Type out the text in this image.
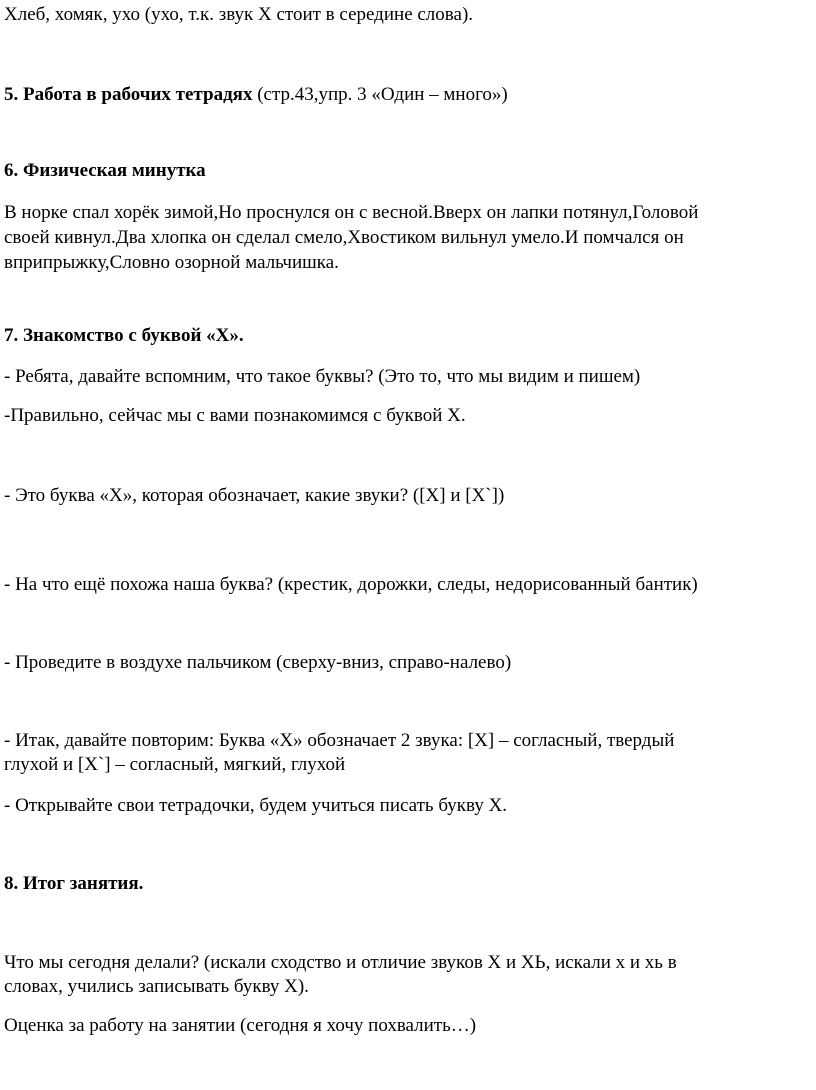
Хлеб, хомяк, ухо (ухо, т.к. звук Х стоит в середине слова).
5. Работа в рабочих тетрадях (стр.43,упр. 3 «Один – много»)
6. Физическая минутка
В норке спал хорёк зимой,Но проснулся он с весной.Вверх он лапки потянул,Головой
своей кивнул.Два хлопка он сделал смело,Хвостиком вильнул умело.И помчался он
вприпрыжку,Словно озорной мальчишка.
7. Знакомство с буквой «Х».
- Ребята, давайте вспомним, что такое буквы? (Это то, что мы видим и пишем)
-Правильно, сейчас мы с вами познакомимся с буквой Х.
- Это буква «Х», которая обозначает, какие звуки? ([Х] и [Х`])
- На что ещё похожа наша буква? (крестик, дорожки, следы, недорисованный бантик)
- Проведите в воздухе пальчиком (сверху-вниз, справо-налево)
- Итак, давайте повторим: Буква «Х» обозначает 2 звука: [Х] – согласный, твердый
глухой и [Х`] – согласный, мягкий, глухой
- Открывайте свои тетрадочки, будем учиться писать букву Х.
8. Итог занятия.
Что мы сегодня делали? (искали сходство и отличие звуков Х и ХЬ, искали х и хь в
словах, учились записывать букву Х).
Оценка за работу на занятии (сегодня я хочу похвалить…)
